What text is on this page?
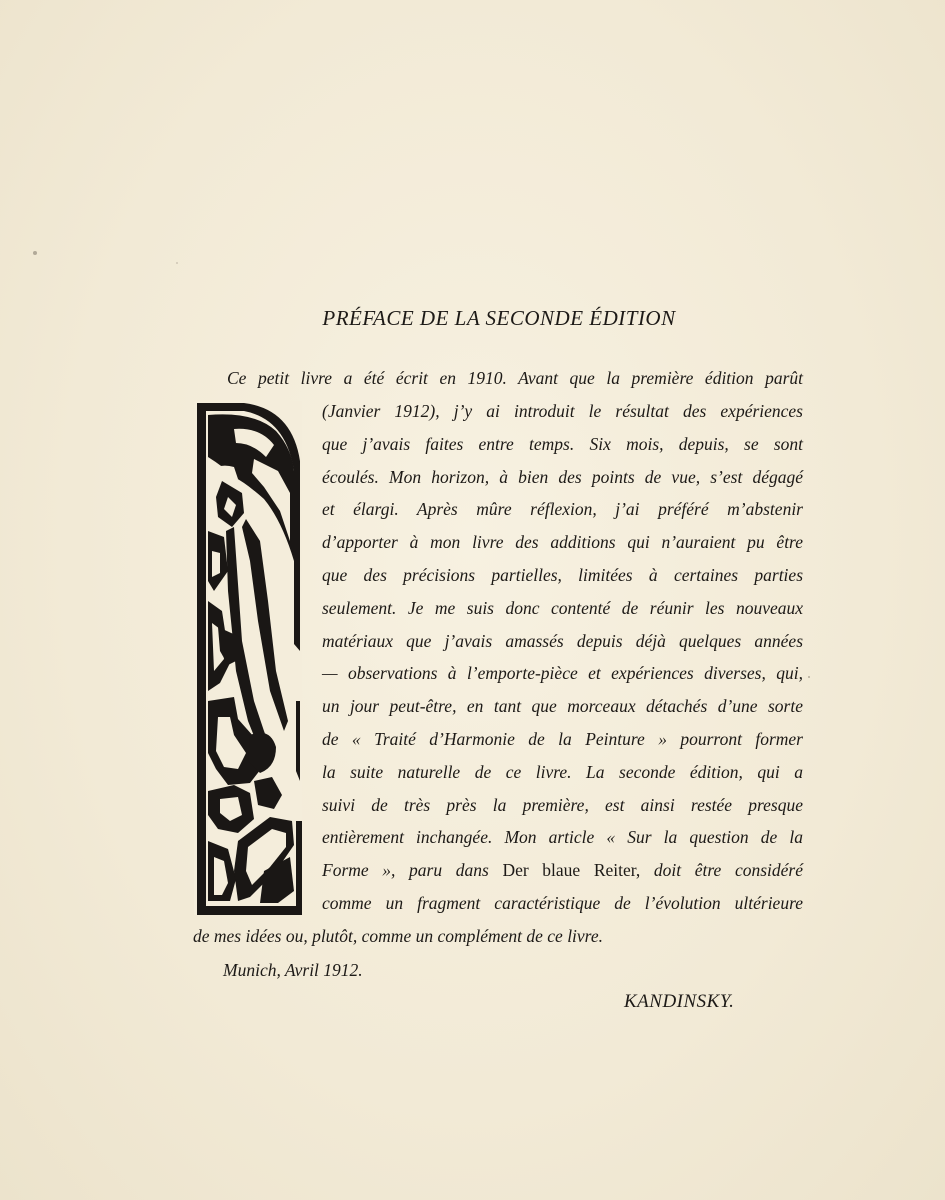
PRÉFACE DE LA SECONDE ÉDITION
Ce petit livre a été écrit en 1910. Avant que la première édition parût
(Janvier 1912), j’y ai introduit le résultat des expériences
que j’avais faites entre temps. Six mois, depuis, se sont
écoulés. Mon horizon, à bien des points de vue, s’est dégagé
et élargi. Après mûre réflexion, j’ai préféré m’abstenir
d’apporter à mon livre des additions qui n’auraient pu être
que des précisions partielles, limitées à certaines parties
seulement. Je me suis donc contenté de réunir les nouveaux
matériaux que j’avais amassés depuis déjà quelques années
— observations à l’emporte-pièce et expériences diverses, qui,
un jour peut-être, en tant que morceaux détachés d’une sorte
de « Traité d’Harmonie de la Peinture » pourront former
la suite naturelle de ce livre. La seconde édition, qui a
suivi de très près la première, est ainsi restée presque
entièrement inchangée. Mon article « Sur la question de la
Forme », paru dans Der blaue Reiter, doit être considéré
comme un fragment caractéristique de l’évolution ultérieure
de mes idées ou, plutôt, comme un complément de ce livre.
Munich, Avril 1912.
KANDINSKY.
